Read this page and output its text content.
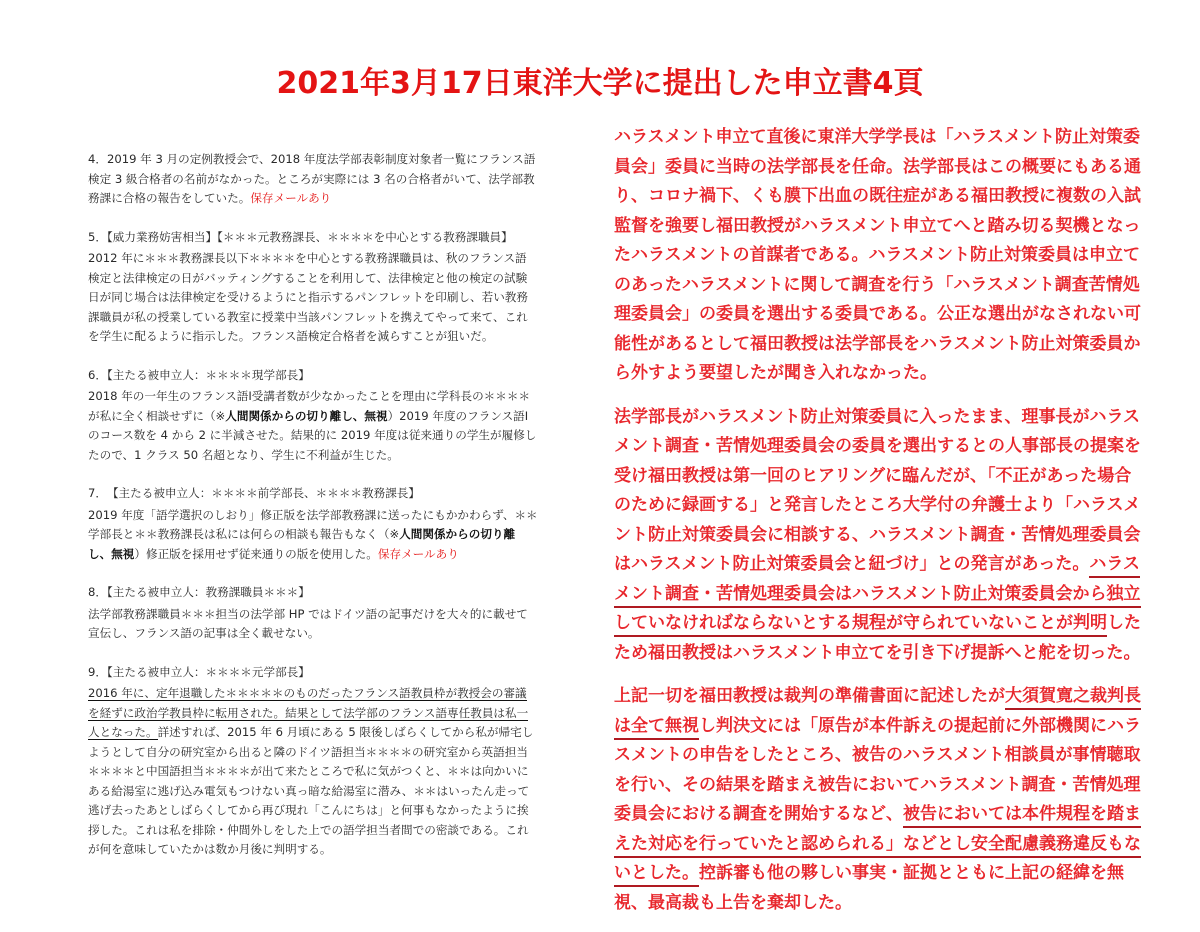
2021年3月17日東洋大学に提出した申立書4頁
4．2019 年 3 月の定例教授会で、2018 年度法学部表彰制度対象者一覧にフランス語検定 3 級合格者の名前がなかった。ところが実際には 3 名の合格者がいて、法学部教務課に合格の報告をしていた。保存メールあり
5．【威力業務妨害相当】【＊＊＊元教務課長、＊＊＊＊を中心とする教務課職員】
2012 年に＊＊＊教務課長以下＊＊＊＊を中心とする教務課職員は、秋のフランス語検定と法律検定の日がバッティングすることを利用して、法律検定と他の検定の試験日が同じ場合は法律検定を受けるようにと指示するパンフレットを印刷し、若い教務課職員が私の授業している教室に授業中当該パンフレットを携えてやって来て、これを学生に配るように指示した。フランス語検定合格者を減らすことが狙いだ。
6．【主たる被申立人：＊＊＊＊現学部長】
2018 年の一年生のフランス語Ⅰ受講者数が少なかったことを理由に学科長の＊＊＊＊が私に全く相談せずに（※人間関係からの切り離し、無視）2019 年度のフランス語Ⅰのコース数を 4 から 2 に半減させた。結果的に 2019 年度は従来通りの学生が履修したので、1 クラス 50 名超となり、学生に不利益が生じた。
7．　【主たる被申立人：＊＊＊＊前学部長、＊＊＊＊教務課長】
2019 年度「語学選択のしおり」修正版を法学部教務課に送ったにもかかわらず、＊＊学部長と＊＊教務課長は私には何らの相談も報告もなく（※人間関係からの切り離し、無視）修正版を採用せず従来通りの版を使用した。保存メールあり
8．【主たる被申立人：教務課職員＊＊＊】
法学部教務課職員＊＊＊担当の法学部 HP ではドイツ語の記事だけを大々的に載せて宣伝し、フランス語の記事は全く載せない。
9．【主たる被申立人：＊＊＊＊元学部長】
2016 年に、定年退職した＊＊＊＊＊のものだったフランス語教員枠が教授会の審議を経ずに政治学教員枠に転用された。結果として法学部のフランス語専任教員は私一人となった。詳述すれば、2015 年 6 月頃にある 5 限後しばらくしてから私が帰宅しようとして自分の研究室から出ると隣のドイツ語担当＊＊＊＊の研究室から英語担当＊＊＊＊と中国語担当＊＊＊＊が出て来たところで私に気がつくと、＊＊は向かいにある給湯室に逃げ込み電気もつけない真っ暗な給湯室に潜み、＊＊はいったん走って逃げ去ったあとしばらくしてから再び現れ「こんにちは」と何事もなかったように挨拶した。これは私を排除・仲間外しをした上での語学担当者間での密談である。これが何を意味していたかは数か月後に判明する。
ハラスメント申立て直後に東洋大学学長は「ハラスメント防止対策委員会」委員に当時の法学部長を任命。法学部長はこの概要にもある通り、コロナ禍下、くも膜下出血の既往症がある福田教授に複数の入試監督を強要し福田教授がハラスメント申立てへと踏み切る契機となったハラスメントの首謀者である。ハラスメント防止対策委員は申立てのあったハラスメントに関して調査を行う「ハラスメント調査苦情処理委員会」の委員を選出する委員である。公正な選出がなされない可能性があるとして福田教授は法学部長をハラスメント防止対策委員から外すよう要望したが聞き入れなかった。
法学部長がハラスメント防止対策委員に入ったまま、理事長がハラスメント調査・苦情処理委員会の委員を選出するとの人事部長の提案を受け福田教授は第一回のヒアリングに臨んだが、「不正があった場合のために録画する」と発言したところ大学付の弁護士より「ハラスメント防止対策委員会に相談する、ハラスメント調査・苦情処理委員会はハラスメント防止対策委員会と紐づけ」との発言があった。ハラスメント調査・苦情処理委員会はハラスメント防止対策委員会から独立していなければならないとする規程が守られていないことが判明したため福田教授はハラスメント申立てを引き下げ提訴へと舵を切った。
上記一切を福田教授は裁判の準備書面に記述したが大須賀寛之裁判長は全て無視し判決文には「原告が本件訴えの提起前に外部機関にハラスメントの申告をしたところ、被告のハラスメント相談員が事情聴取を行い、その結果を踏まえ被告においてハラスメント調査・苦情処理委員会における調査を開始するなど、被告においては本件規程を踏まえた対応を行っていたと認められる」などとし安全配慮義務違反もないとした。控訴審も他の夥しい事実・証拠とともに上記の経緯を無視、最高裁も上告を棄却した。
